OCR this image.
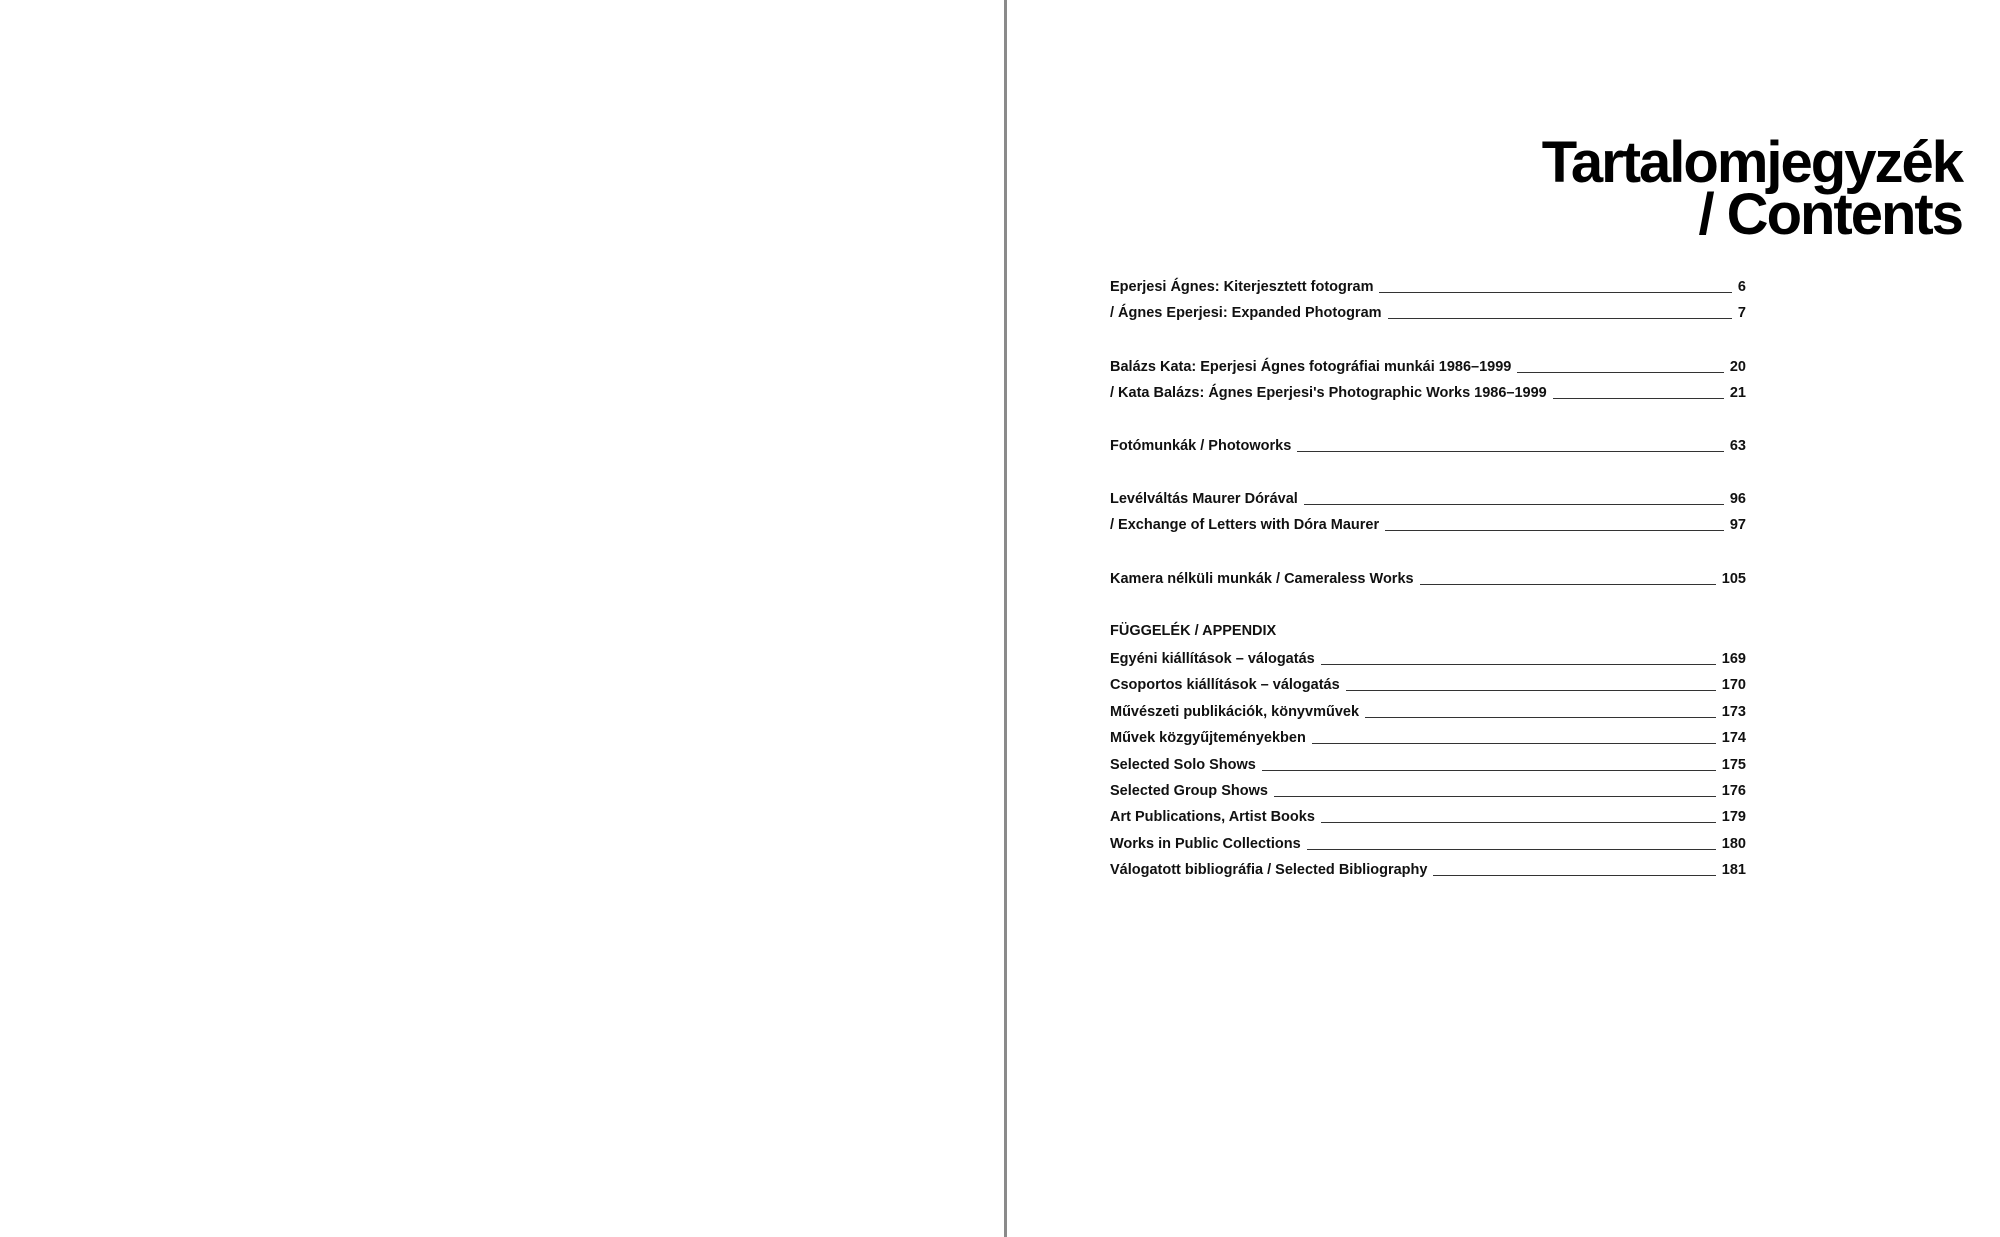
Tartalomjegyzék
/ Contents
Eperjesi Ágnes: Kiterjesztett fotogram	6
/ Ágnes Eperjesi: Expanded Photogram	7
Balázs Kata: Eperjesi Ágnes fotográfiai munkái 1986–1999	20
/ Kata Balázs: Ágnes Eperjesi's Photographic Works 1986–1999	21
Fotómunkák / Photoworks	63
Levélváltás Maurer Dórával	96
/ Exchange of Letters with Dóra Maurer	97
Kamera nélküli munkák / Cameraless Works	105
FÜGGELÉK / APPENDIX
Egyéni kiállítások – válogatás	169
Csoportos kiállítások – válogatás	170
Művészeti publikációk, könyvművek	173
Művek közgyűjteményekben	174
Selected Solo Shows	175
Selected Group Shows	176
Art Publications, Artist Books	179
Works in Public Collections	180
Válogatott bibliográfia / Selected Bibliography	181
